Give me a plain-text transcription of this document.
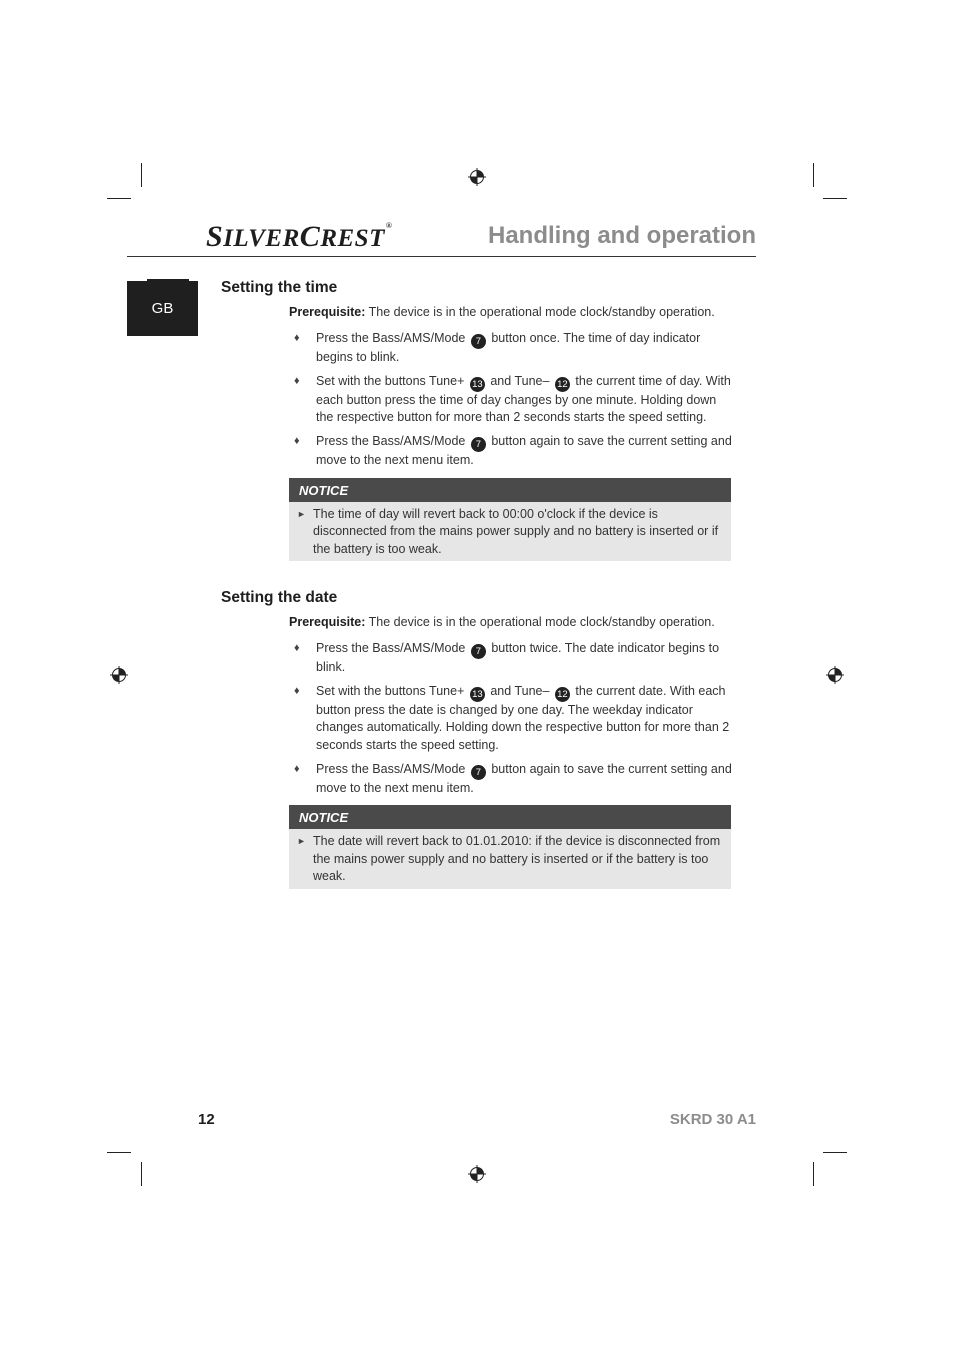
SILVERCREST®	Handling and operation
GB
Setting the time
Prerequisite: The device is in the operational mode clock/standby operation.
♦ Press the Bass/AMS/Mode 7 button once. The time of day indicator begins to blink.
♦ Set with the buttons Tune+ 13 and Tune– 12 the current time of day. With each button press the time of day changes by one minute. Holding down the respective button for more than 2 seconds starts the speed setting.
♦ Press the Bass/AMS/Mode 7 button again to save the current setting and move to the next menu item.
NOTICE
► The time of day will revert back to 00:00 o'clock if the device is disconnected from the mains power supply and no battery is inserted or if the battery is too weak.
Setting the date
Prerequisite: The device is in the operational mode clock/standby operation.
♦ Press the Bass/AMS/Mode 7 button twice. The date indicator begins to blink.
♦ Set with the buttons Tune+ 13 and Tune– 12 the current date. With each button press the date is changed by one day. The weekday indicator changes automatically. Holding down the respective button for more than 2 seconds starts the speed setting.
♦ Press the Bass/AMS/Mode 7 button again to save the current setting and move to the next menu item.
NOTICE
► The date will revert back to 01.01.2010: if the device is disconnected from the mains power supply and no battery is inserted or if the battery is too weak.
12	SKRD 30 A1
